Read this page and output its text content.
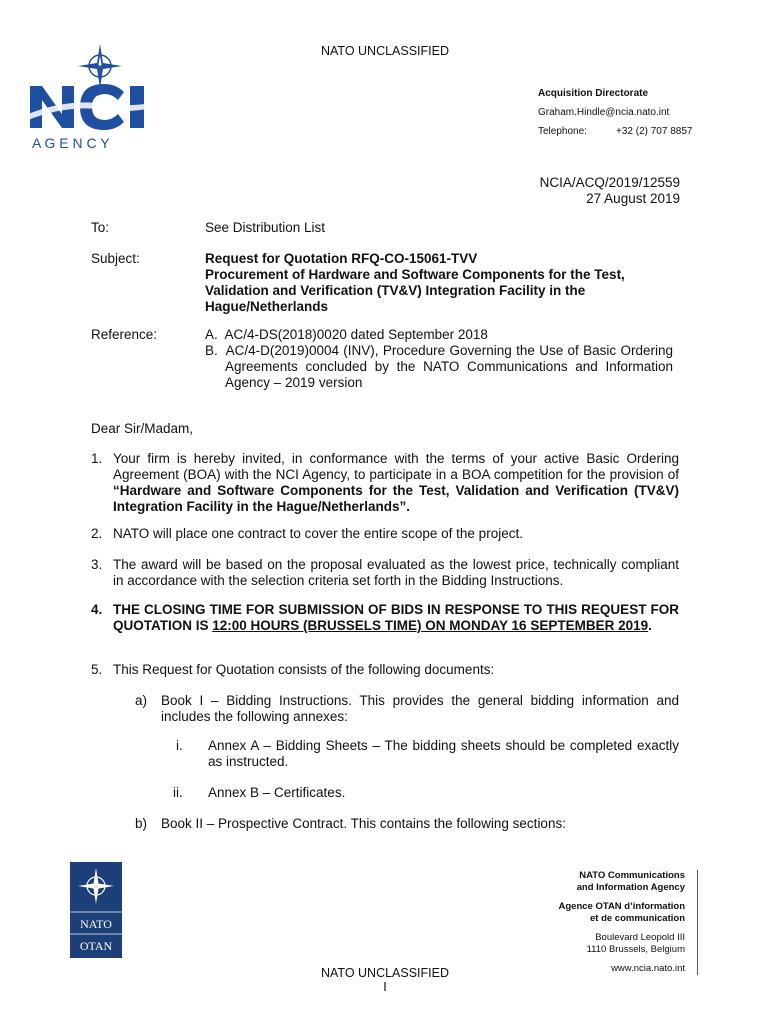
NATO UNCLASSIFIED
A G E N C Y
Acquisition Directorate
Graham.Hindle@ncia.nato.int
Telephone:	+32 (2) 707 8857
NCIA/ACQ/2019/12559
27 August 2019
To:	See Distribution List
Subject:	Request for Quotation RFQ-CO-15061-TVV
Procurement of Hardware and Software Components for the Test, Validation and Verification (TV&V) Integration Facility in the Hague/Netherlands
Reference:	A.  AC/4-DS(2018)0020 dated September 2018
B.  AC/4-D(2019)0004 (INV), Procedure Governing the Use of Basic Ordering Agreements concluded by the NATO Communications and Information Agency – 2019 version
Dear Sir/Madam,
1. Your firm is hereby invited, in conformance with the terms of your active Basic Ordering Agreement (BOA) with the NCI Agency, to participate in a BOA competition for the provision of “Hardware and Software Components for the Test, Validation and Verification (TV&V) Integration Facility in the Hague/Netherlands”.
2. NATO will place one contract to cover the entire scope of the project.
3. The award will be based on the proposal evaluated as the lowest price, technically compliant in accordance with the selection criteria set forth in the Bidding Instructions.
4. THE CLOSING TIME FOR SUBMISSION OF BIDS IN RESPONSE TO THIS REQUEST FOR QUOTATION IS 12:00 HOURS (BRUSSELS TIME) ON MONDAY 16 SEPTEMBER 2019.
5. This Request for Quotation consists of the following documents:
a) Book I – Bidding Instructions. This provides the general bidding information and includes the following annexes:
i. Annex A – Bidding Sheets – The bidding sheets should be completed exactly as instructed.
ii. Annex B – Certificates.
b) Book II – Prospective Contract. This contains the following sections:
NATO
OTAN
NATO Communications
and Information Agency
Agence OTAN d’information
et de communication
Boulevard Leopold III
1110 Brussels, Belgium
www.ncia.nato.int
NATO UNCLASSIFIED
I
